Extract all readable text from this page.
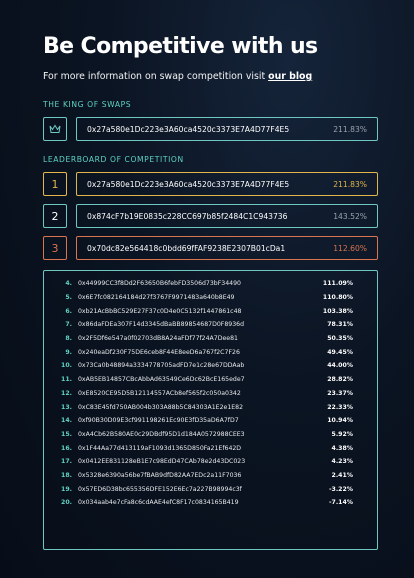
Be Competitive with us
For more information on swap competition visit our blog
THE KING OF SWAPS
0x27a580e1Dc223e3A60ca4520c3373E7A4D77F4E5	211.83%
LEADERBOARD OF COMPETITION
1	0x27a580e1Dc223e3A60ca4520c3373E7A4D77F4E5	211.83%
2	0x874cF7b19E0835c228CC697b85f2484C1C943736	143.52%
3	0x70dc82e564418c0bdd69fFAF9238E2307B01cDa1	112.60%
4. 0x44999CC3f8Dd2F63650B6febFD3506d73bF34490	111.09%
5. 0x6E7fc082164184d27f3767F9971483a640b8E49	110.80%
6. 0xb21AcBbBC529E27F37c0D4e0C5132f1447861c48	103.38%
7. 0x86daFDEa307F14d3345dBaBB89854687D0F8936d	78.31%
8. 0x2F5Df6e547a0f02703dB8A24aFDf77f24A7Dee81	50.35%
9. 0x240eaDf230F75DE6ceb8F44E8eeD6a767f2C7F26	49.45%
10. 0x73Ca0b48894a3334778705adFD7e1c28e67DDAab	44.00%
11. 0xAB5EB14857CBcAbbAd63549Ce6Dc62BcE165ede7	28.82%
12. 0xE8520CE95D5B12114557ACb8ef565f2c050a0342	23.37%
13. 0xC83E45fd750AB004b303A88b5C84303A1E2e1E82	22.33%
14. 0xf90B30D09E3cf991198261Ec90E3fD35aD6A7fD7	10.94%
15. 0xA4Cb62B580AE0c29DBdf95D1d184A0572988CEE3	5.92%
16. 0x1F44Aa77d413119aF1093d1365D850Fa21Ef642D	4.38%
17. 0x0412EE831128eB1E7c98EdD47CAb78e2d43DC023	4.23%
18. 0x5328e6390a56be7fBAB9dfD82AA7EDc2a11F7036	2.41%
19. 0x57ED6D38bc655356DFE152E6Ec7a227B98994c3f	-3.22%
20. 0x034aab4e7cFa8c6cdAAE4efC8F17c0834165B419	-7.14%
